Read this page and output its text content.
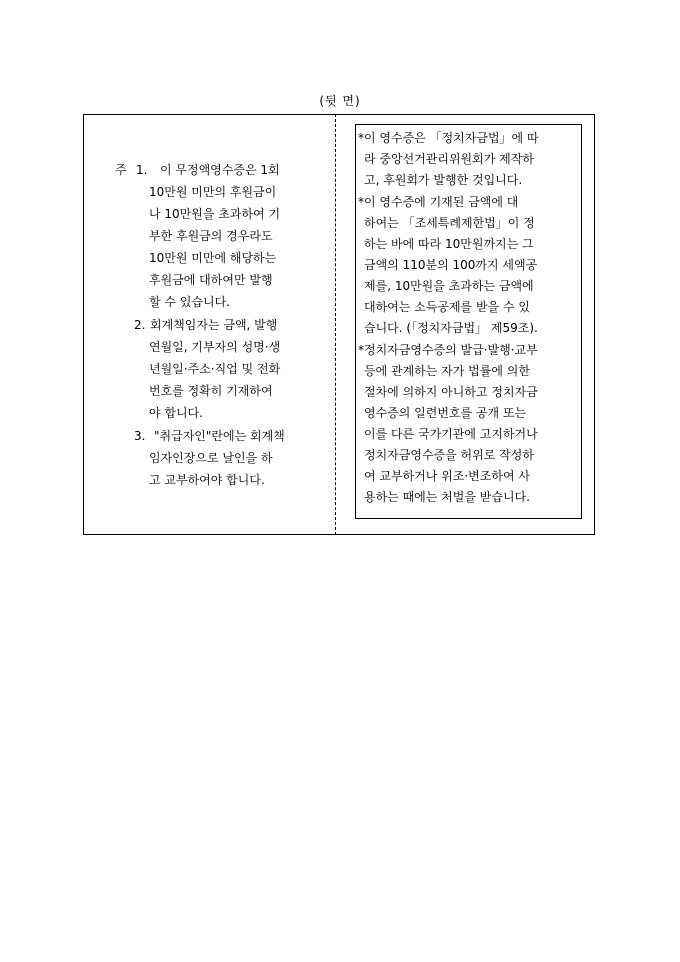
(뒷 면)
주 1. 이 무정액영수증은 1회
10만원 미만의 후원금이
나 10만원을 초과하여 기
부한 후원금의 경우라도
10만원 미만에 해당하는
후원금에 대하여만 발행
할 수 있습니다.
2. 회계책임자는 금액, 발행
연월일, 기부자의 성명·생
년월일·주소·직업 및 전화
번호를 정확히 기재하여
야 합니다.
3. "취급자인"란에는 회계책
임자인장으로 날인을 하
고 교부하여야 합니다.
*이 영수증은 「정치자금법」에 따
라 중앙선거관리위원회가 제작하
고, 후원회가 발행한 것입니다.
*이 영수증에 기재된 금액에 대
하여는 「조세특례제한법」이 정
하는 바에 따라 10만원까지는 그
금액의 110분의 100까지 세액공
제를, 10만원을 초과하는 금액에
대하여는 소득공제를 받을 수 있
습니다. (「정치자금법」 제59조).
*정치자금영수증의 발급·발행·교부
등에 관계하는 자가 법률에 의한
절차에 의하지 아니하고 정치자금
영수증의 일련번호를 공개 또는
이를 다른 국가기관에 고지하거나
정치자금영수증을 허위로 작성하
여 교부하거나 위조·변조하여 사
용하는 때에는 처벌을 받습니다.
